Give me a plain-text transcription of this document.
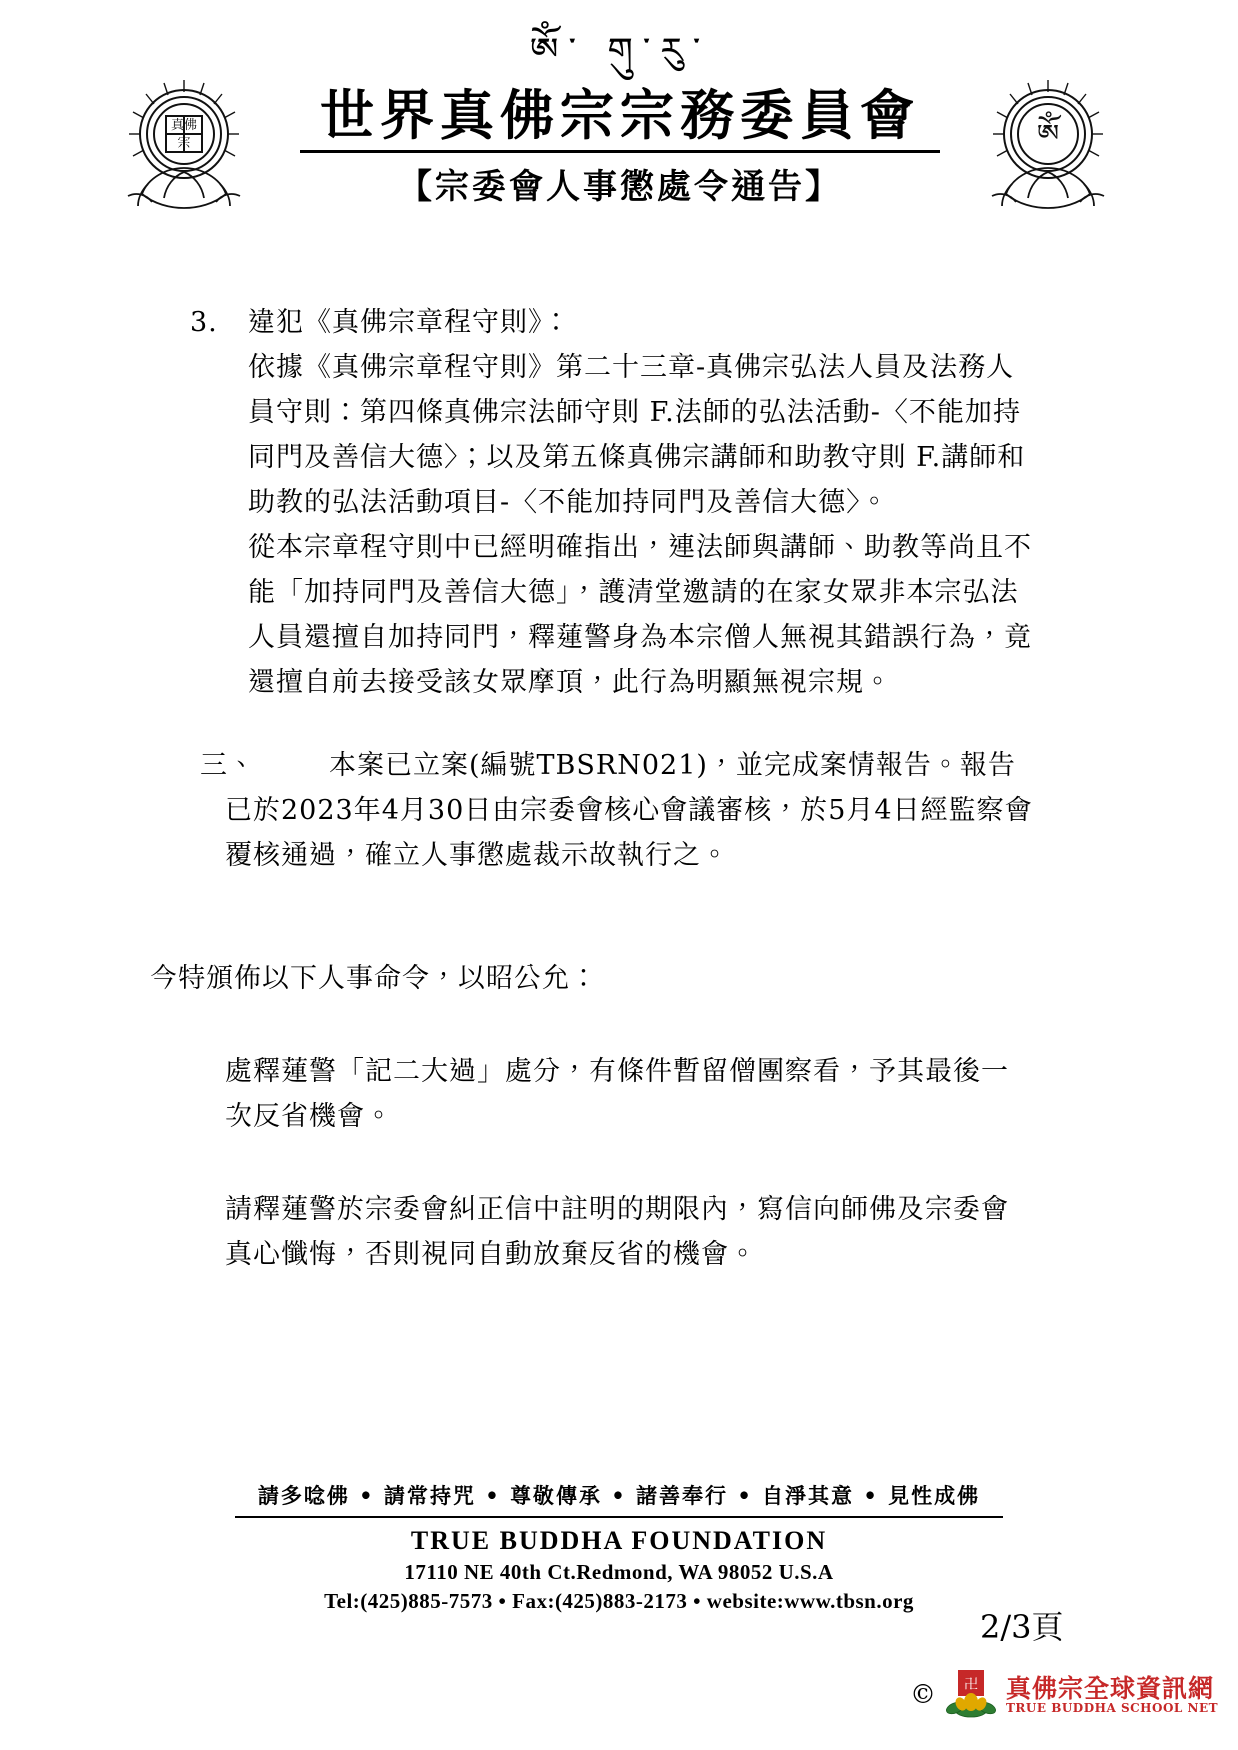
真佛
宗
ཨོཾ་ གུ་རུ་
世界真佛宗宗務委員會
【宗委會人事懲處令通告】
ༀ
3.	違犯《真佛宗章程守則》：

依據《真佛宗章程守則》第二十三章-真佛宗弘法人員及法務人員守則：第四條真佛宗法師守則 F.法師的弘法活動-〈不能加持同門及善信大德〉；以及第五條真佛宗講師和助教守則 F.講師和助教的弘法活動項目-〈不能加持同門及善信大德〉。

從本宗章程守則中已經明確指出，連法師與講師、助教等尚且不能「加持同門及善信大德」，護清堂邀請的在家女眾非本宗弘法人員還擅自加持同門，釋蓮警身為本宗僧人無視其錯誤行為，竟還擅自前去接受該女眾摩頂，此行為明顯無視宗規。

三、	本案已立案(編號TBSRN021)，並完成案情報告。報告已於2023年4月30日由宗委會核心會議審核，於5月4日經監察會覆核通過，確立人事懲處裁示故執行之。

今特頒佈以下人事命令，以昭公允：

處釋蓮警「記二大過」處分，有條件暫留僧團察看，予其最後一次反省機會。

請釋蓮警於宗委會糾正信中註明的期限內，寫信向師佛及宗委會真心懺悔，否則視同自動放棄反省的機會。

請多唸佛 • 請常持咒 • 尊敬傳承 • 諸善奉行 • 自淨其意 • 見性成佛
TRUE BUDDHA FOUNDATION
17110 NE 40th Ct.Redmond, WA 98052 U.S.A
Tel:(425)885-7573 • Fax:(425)883-2173 • website:www.tbsn.org
2/3頁
© 卍 真佛宗全球資訊網
TRUE BUDDHA SCHOOL NET
